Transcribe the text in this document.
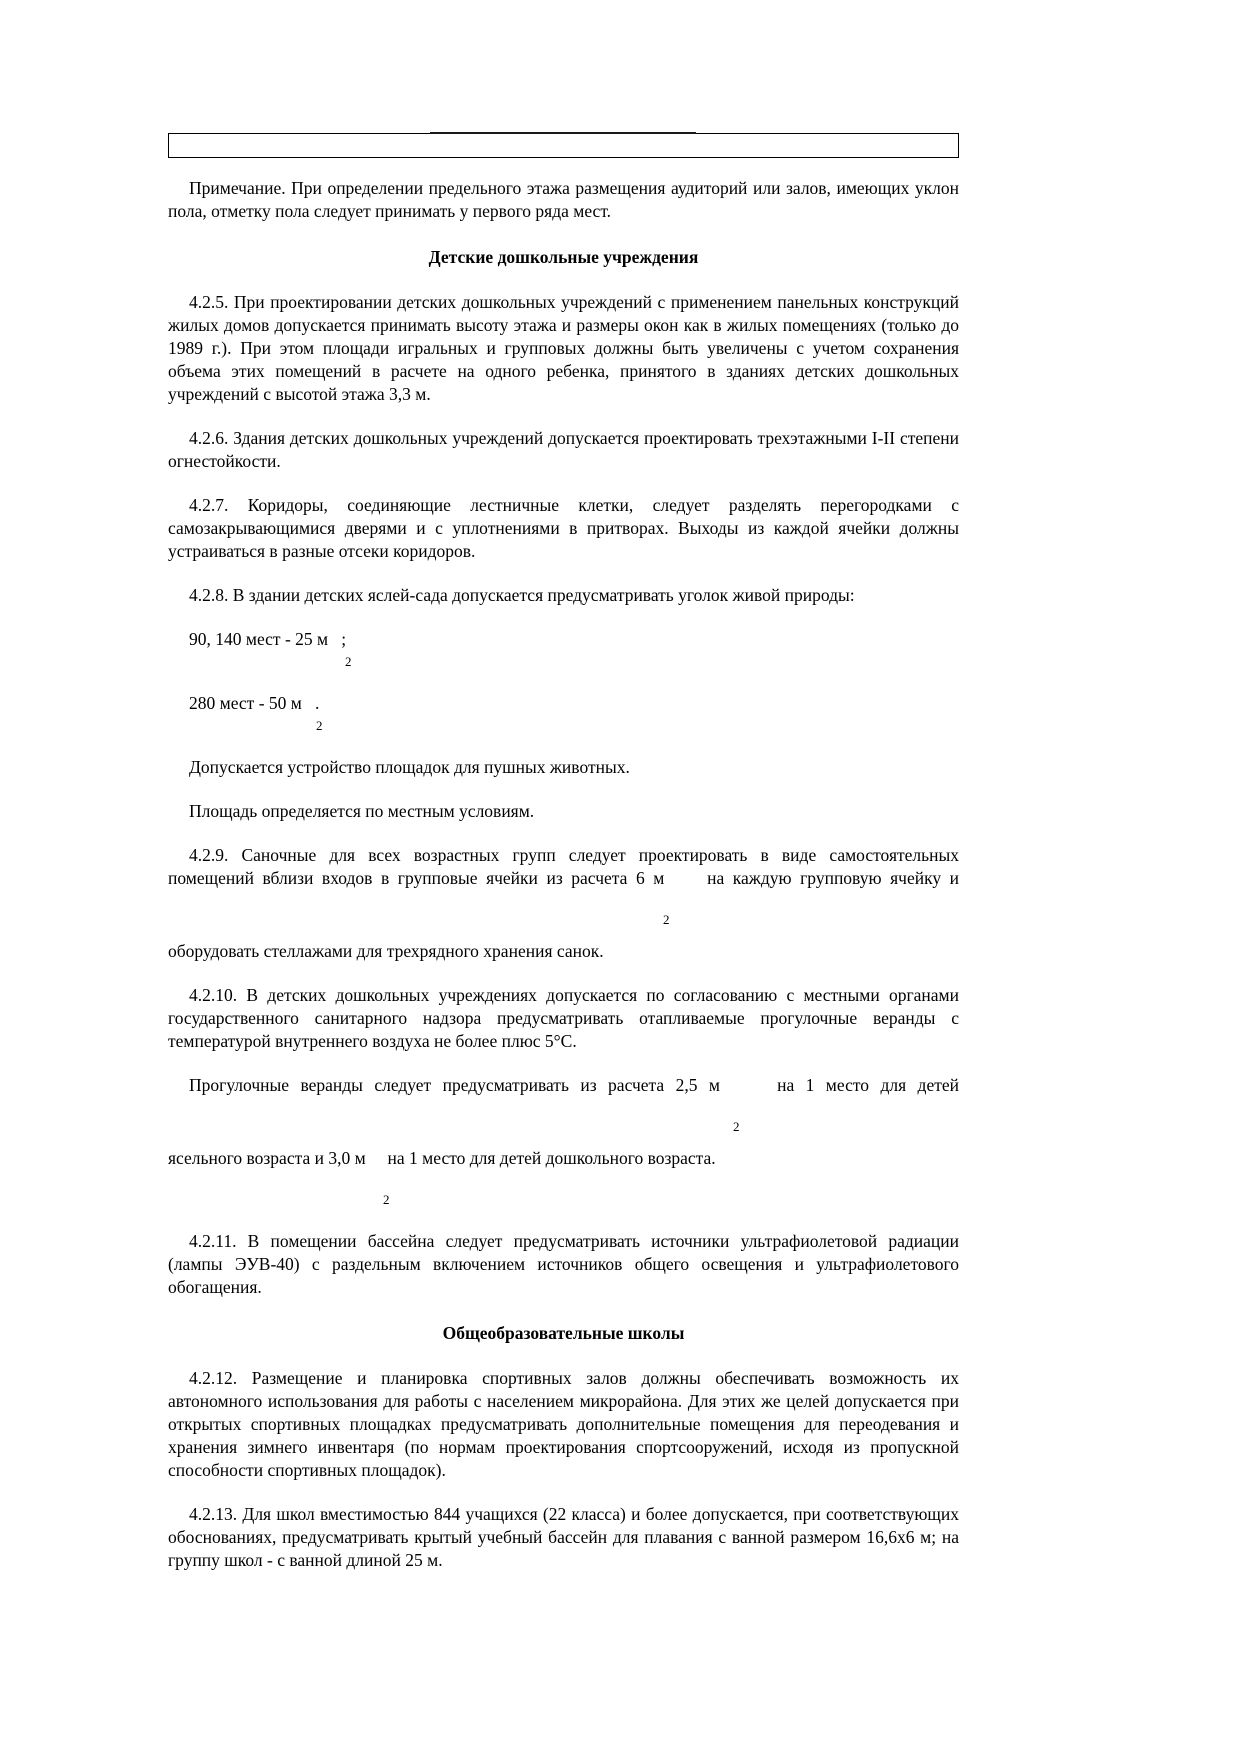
Примечание. При определении предельного этажа размещения аудиторий или залов, имеющих уклон пола, отметку пола следует принимать у первого ряда мест.

Детские дошкольные учреждения

4.2.5. При проектировании детских дошкольных учреждений с применением панельных конструкций жилых домов допускается принимать высоту этажа и размеры окон как в жилых помещениях (только до 1989 г.). При этом площади игральных и групповых должны быть увеличены с учетом сохранения объема этих помещений в расчете на одного ребенка, принятого в зданиях детских дошкольных учреждений с высотой этажа 3,3 м.

4.2.6. Здания детских дошкольных учреждений допускается проектировать трехэтажными I-II степени огнестойкости.

4.2.7. Коридоры, соединяющие лестничные клетки, следует разделять перегородками с самозакрывающимися дверями и с уплотнениями в притворах. Выходы из каждой ячейки должны устраиваться в разные отсеки коридоров.

4.2.8. В здании детских яслей-сада допускается предусматривать уголок живой природы:

90, 140 мест - 25 м   ;
2
280 мест - 50 м   .
2

Допускается устройство площадок для пушных животных.

Площадь определяется по местным условиям.

4.2.9. Саночные для всех возрастных групп следует проектировать в виде самостоятельных помещений вблизи входов в групповые ячейки из расчета 6 м     на каждую групповую ячейку и

2

оборудовать стеллажами для трехрядного хранения санок.

4.2.10. В детских дошкольных учреждениях допускается по согласованию с местными органами государственного санитарного надзора предусматривать отапливаемые прогулочные веранды с температурой внутреннего воздуха не более плюс 5°С.

Прогулочные веранды следует предусматривать из расчета 2,5 м     на 1 место для детей

2

ясельного возраста и 3,0 м     на 1 место для детей дошкольного возраста.

2

4.2.11. В помещении бассейна следует предусматривать источники ультрафиолетовой радиации (лампы ЭУВ-40) с раздельным включением источников общего освещения и ультрафиолетового обогащения.

Общеобразовательные школы

4.2.12. Размещение и планировка спортивных залов должны обеспечивать возможность их автономного использования для работы с населением микрорайона. Для этих же целей допускается при открытых спортивных площадках предусматривать дополнительные помещения для переодевания и хранения зимнего инвентаря (по нормам проектирования спортсооружений, исходя из пропускной способности спортивных площадок).

4.2.13. Для школ вместимостью 844 учащихся (22 класса) и более допускается, при соответствующих обоснованиях, предусматривать крытый учебный бассейн для плавания с ванной размером 16,6х6 м; на группу школ - с ванной длиной 25 м.
